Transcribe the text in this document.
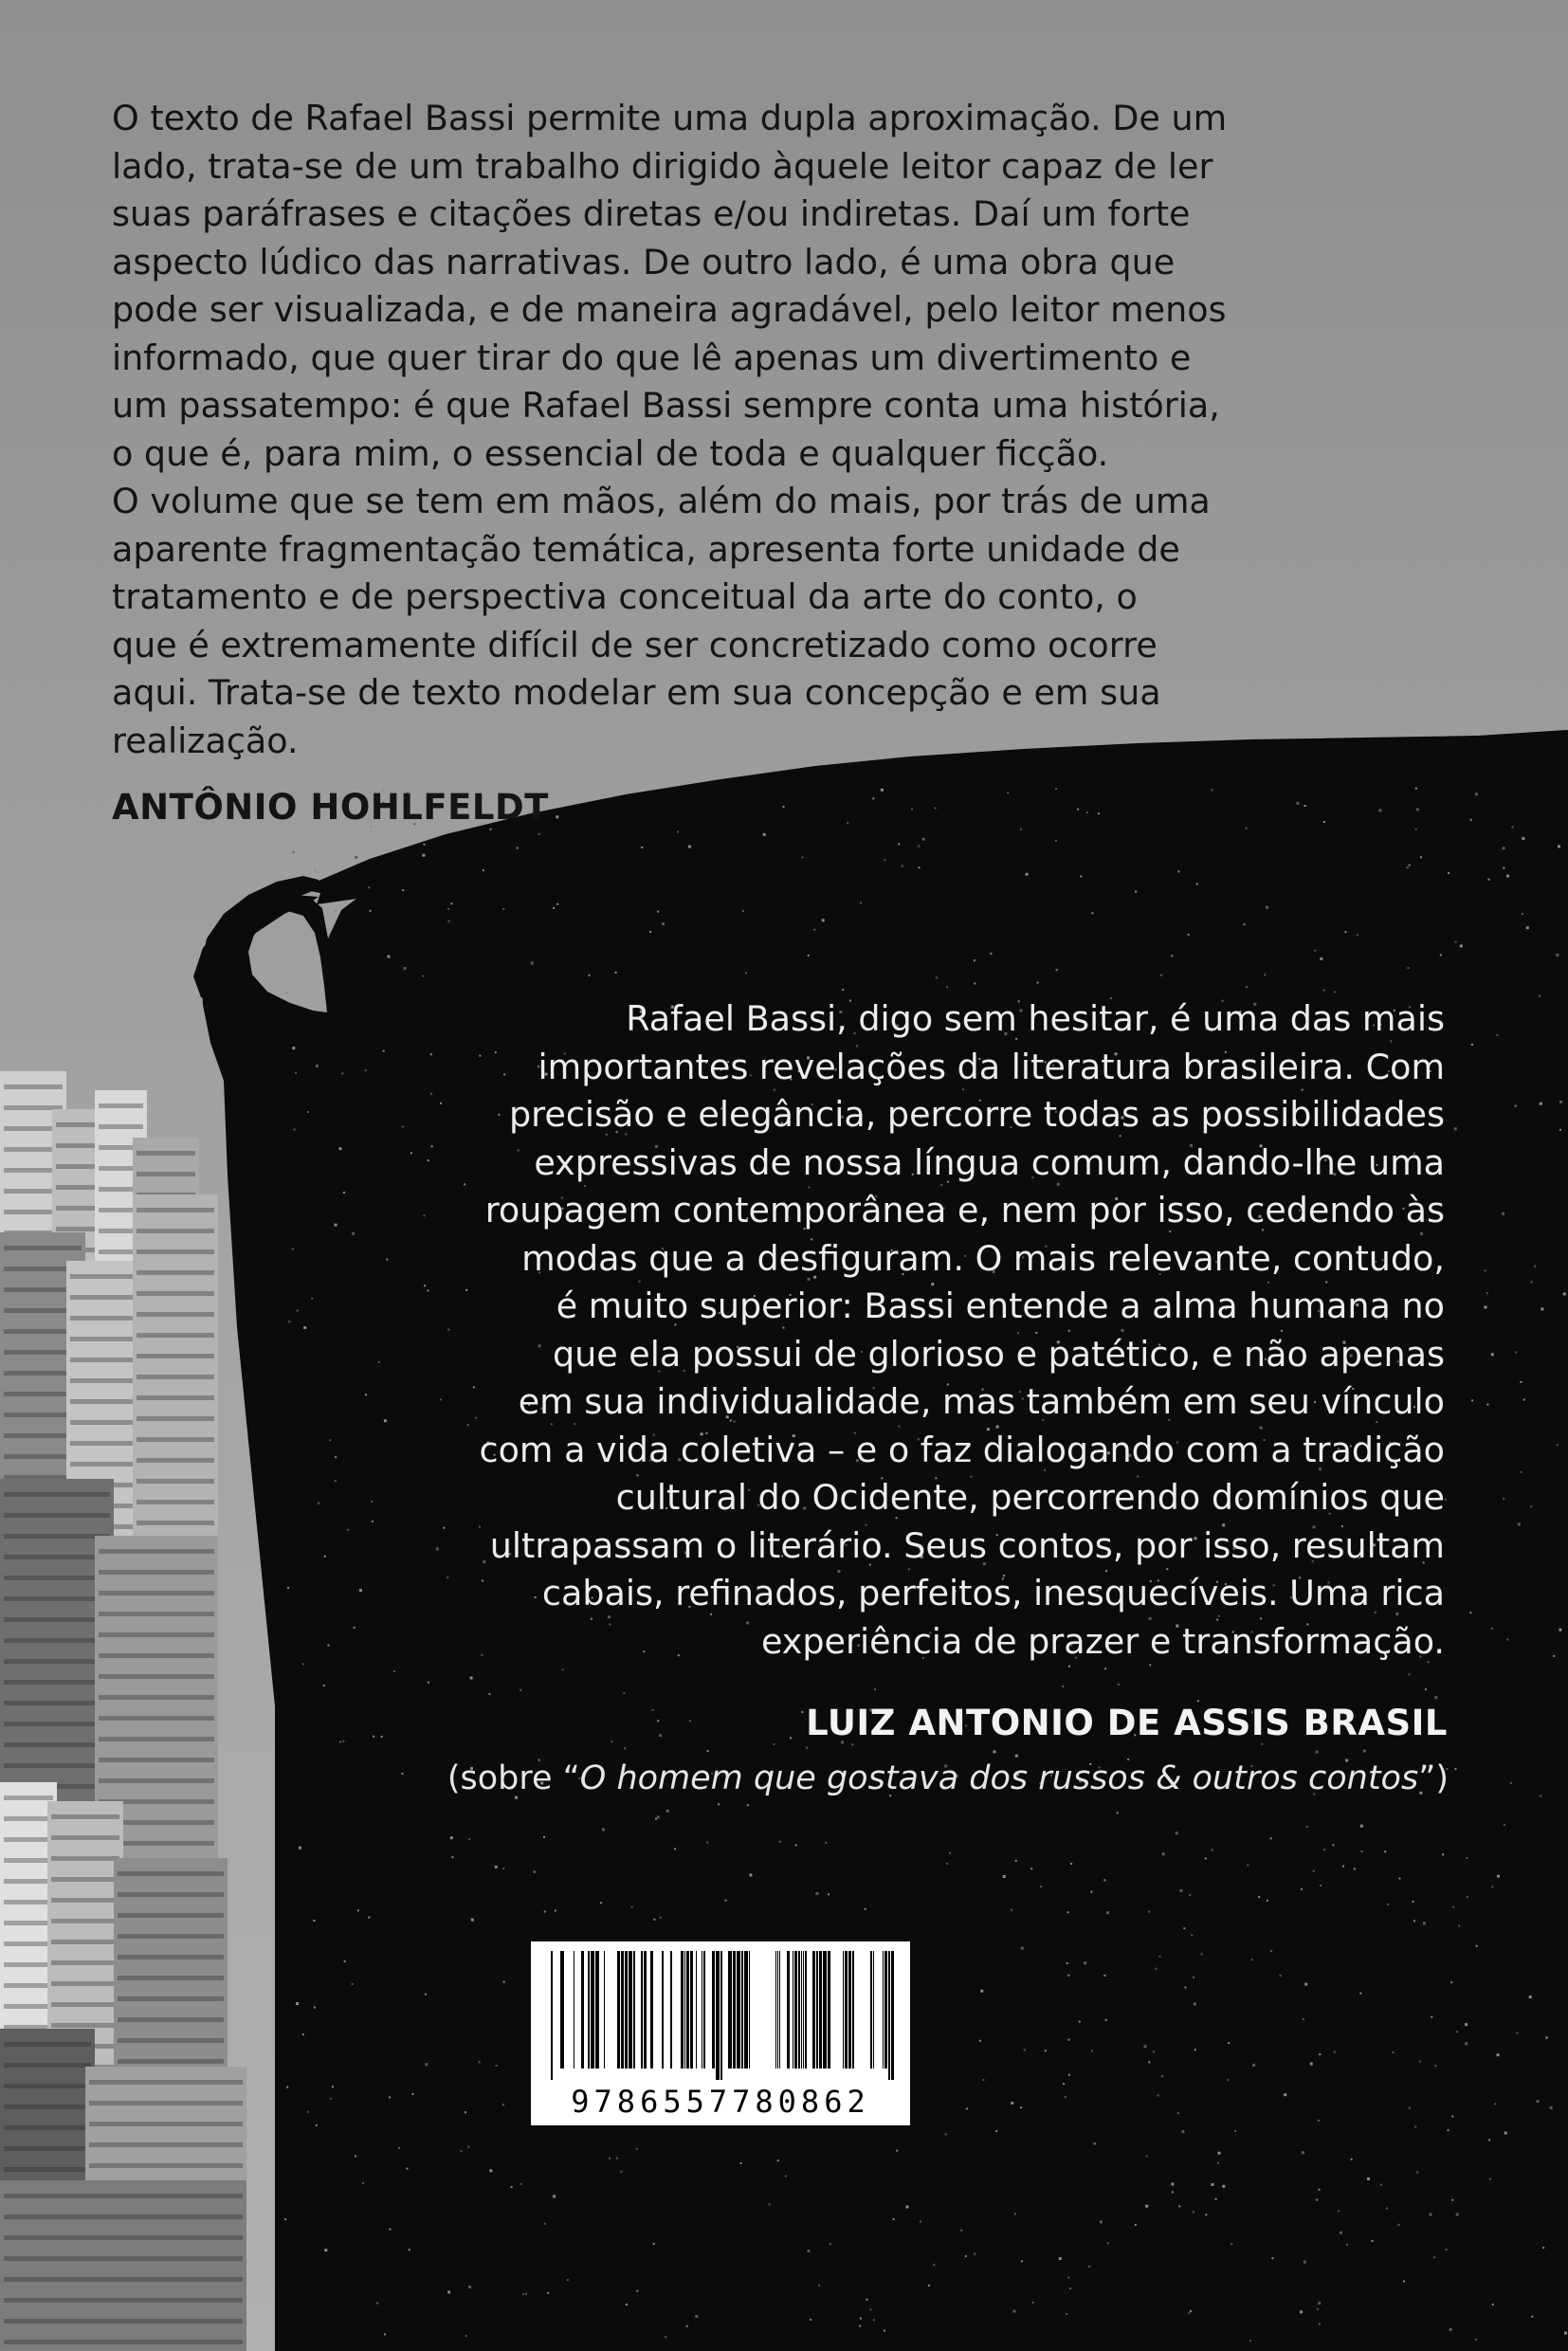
O texto de Rafael Bassi permite uma dupla aproximação. De um
lado, trata-se de um trabalho dirigido àquele leitor capaz de ler
suas paráfrases e citações diretas e/ou indiretas. Daí um forte
aspecto lúdico das narrativas. De outro lado, é uma obra que
pode ser visualizada, e de maneira agradável, pelo leitor menos
informado, que quer tirar do que lê apenas um divertimento e
um passatempo: é que Rafael Bassi sempre conta uma história,
o que é, para mim, o essencial de toda e qualquer ficção.
O volume que se tem em mãos, além do mais, por trás de uma
aparente fragmentação temática, apresenta forte unidade de
tratamento e de perspectiva conceitual da arte do conto, o
que é extremamente difícil de ser concretizado como ocorre
aqui. Trata-se de texto modelar em sua concepção e em sua
realização.
ANTÔNIO HOHLFELDT
Rafael Bassi, digo sem hesitar, é uma das mais
importantes revelações da literatura brasileira. Com
precisão e elegância, percorre todas as possibilidades
expressivas de nossa língua comum, dando-lhe uma
roupagem contemporânea e, nem por isso, cedendo às
modas que a desfiguram. O mais relevante, contudo,
é muito superior: Bassi entende a alma humana no
que ela possui de glorioso e patético, e não apenas
em sua individualidade, mas também em seu vínculo
com a vida coletiva – e o faz dialogando com a tradição
cultural do Ocidente, percorrendo domínios que
ultrapassam o literário. Seus contos, por isso, resultam
cabais, refinados, perfeitos, inesquecíveis. Uma rica
experiência de prazer e transformação.
LUIZ ANTONIO DE ASSIS BRASIL
(sobre “O homem que gostava dos russos & outros contos”)
9786557780862
